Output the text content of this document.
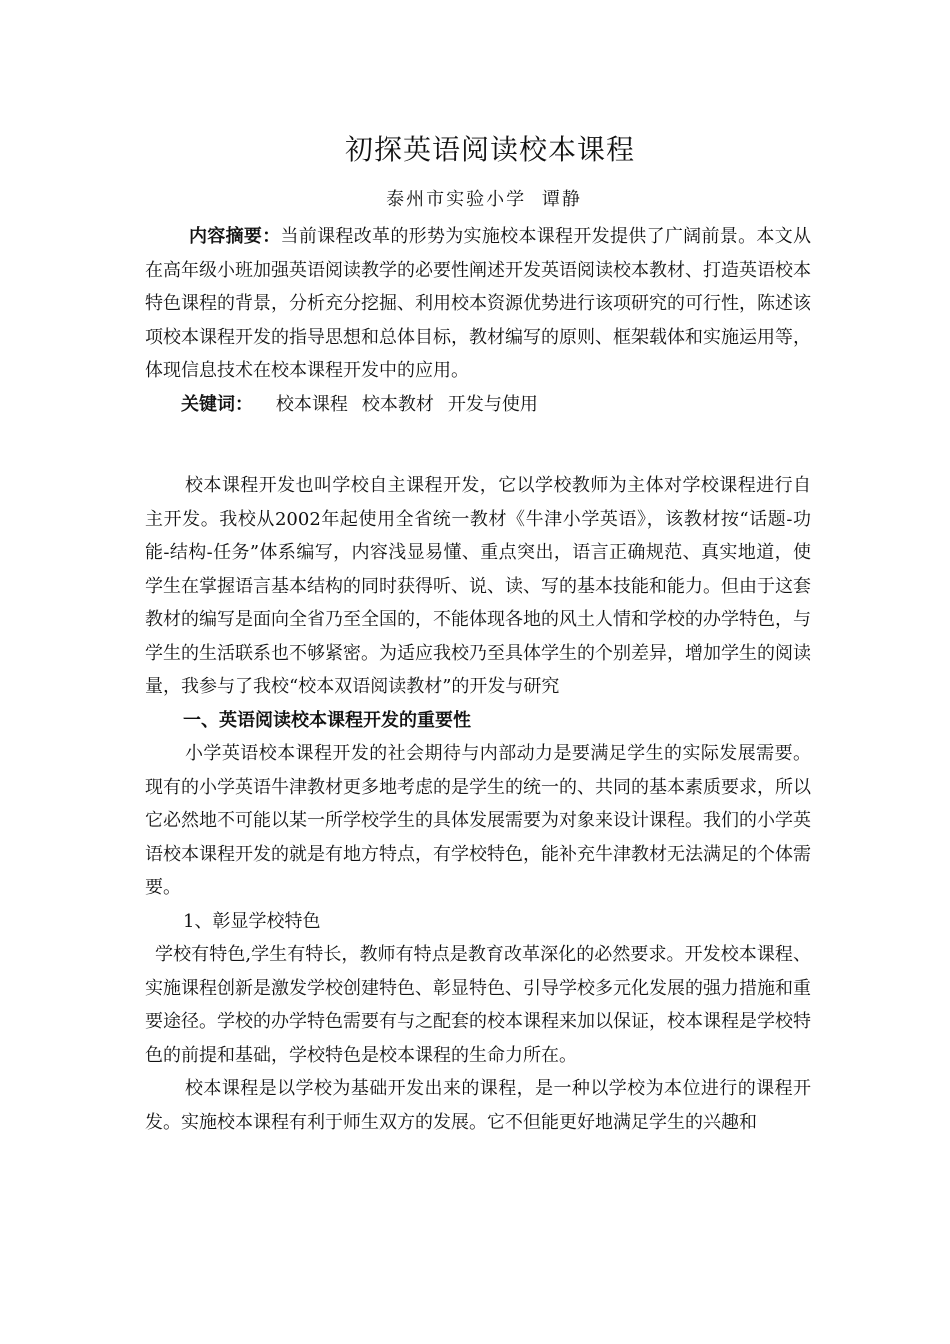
初探英语阅读校本课程
泰州市实验小学 谭静

内容摘要：当前课程改革的形势为实施校本课程开发提供了广阔前景。本文从在高年级小班加强英语阅读教学的必要性阐述开发英语阅读校本教材、打造英语校本特色课程的背景，分析充分挖掘、利用校本资源优势进行该项研究的可行性，陈述该项校本课程开发的指导思想和总体目标，教材编写的原则、框架载体和实施运用等，体现信息技术在校本课程开发中的应用。

关键词： 校本课程 校本教材 开发与使用

校本课程开发也叫学校自主课程开发，它以学校教师为主体对学校课程进行自主开发。我校从2002年起使用全省统一教材《牛津小学英语》，该教材按“话题-功能-结构-任务”体系编写，内容浅显易懂、重点突出，语言正确规范、真实地道，使学生在掌握语言基本结构的同时获得听、说、读、写的基本技能和能力。但由于这套教材的编写是面向全省乃至全国的，不能体现各地的风土人情和学校的办学特色，与学生的生活联系也不够紧密。为适应我校乃至具体学生的个别差异，增加学生的阅读量，我参与了我校“校本双语阅读教材”的开发与研究

一、英语阅读校本课程开发的重要性

小学英语校本课程开发的社会期待与内部动力是要满足学生的实际发展需要。现有的小学英语牛津教材更多地考虑的是学生的统一的、共同的基本素质要求，所以它必然地不可能以某一所学校学生的具体发展需要为对象来设计课程。我们的小学英语校本课程开发的就是有地方特点，有学校特色，能补充牛津教材无法满足的个体需要。

1、彰显学校特色

学校有特色,学生有特长，教师有特点是教育改革深化的必然要求。开发校本课程、实施课程创新是激发学校创建特色、彰显特色、引导学校多元化发展的强力措施和重要途径。学校的办学特色需要有与之配套的校本课程来加以保证，校本课程是学校特色的前提和基础，学校特色是校本课程的生命力所在。

校本课程是以学校为基础开发出来的课程，是一种以学校为本位进行的课程开发。实施校本课程有利于师生双方的发展。它不但能更好地满足学生的兴趣和
